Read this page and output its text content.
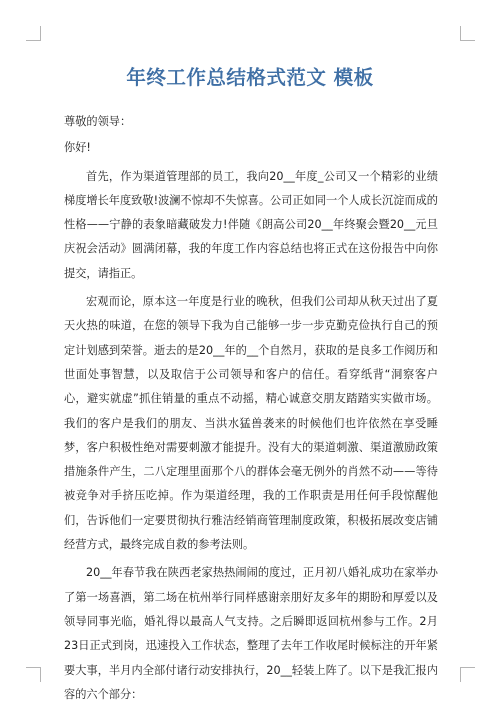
年终工作总结格式范文 模板

尊敬的领导：

你好!

首先，作为渠道管理部的员工，我向20__年度_公司又一个精彩的业绩梯度增长年度致敬!波澜不惊却不失惊喜。公司正如同一个人成长沉淀而成的性格——宁静的表象暗藏破发力!伴随《朗高公司20__年终聚会暨20__元旦庆祝会活动》圆满闭幕，我的年度工作内容总结也将正式在这份报告中向你提交，请指正。

宏观而论，原本这一年度是行业的晚秋，但我们公司却从秋天过出了夏天火热的味道，在您的领导下我为自己能够一步一步克勤克俭执行自己的预定计划感到荣誉。逝去的是20__年的__个自然月，获取的是良多工作阅历和世面处事智慧，以及取信于公司领导和客户的信任。看穿纸背“洞察客户心，避实就虚”抓住销量的重点不动摇，精心诚意交朋友踏踏实实做市场。我们的客户是我们的朋友、当洪水猛兽袭来的时候他们也许依然在享受睡梦，客户积极性绝对需要刺激才能提升。没有大的渠道刺激、渠道激励政策措施条件产生，二八定理里面那个八的群体会毫无例外的肖然不动——等待被竞争对手挤压吃掉。作为渠道经理，我的工作职责是用任何手段惊醒他们，告诉他们一定要贯彻执行雅洁经销商管理制度政策，积极拓展改变店铺经营方式，最终完成自救的参考法则。

20__年春节我在陕西老家热热闹闹的度过，正月初八婚礼成功在家举办了第一场喜酒，第二场在杭州举行同样感谢亲朋好友多年的期盼和厚爱以及领导同事光临，婚礼得以最高人气支持。之后瞬即返回杭州参与工作。2月23日正式到岗，迅速投入工作状态，整理了去年工作收尾时候标注的开年紧要大事，半月内全部付诸行动安排执行，20__轻装上阵了。以下是我汇报内容的六个部分：
